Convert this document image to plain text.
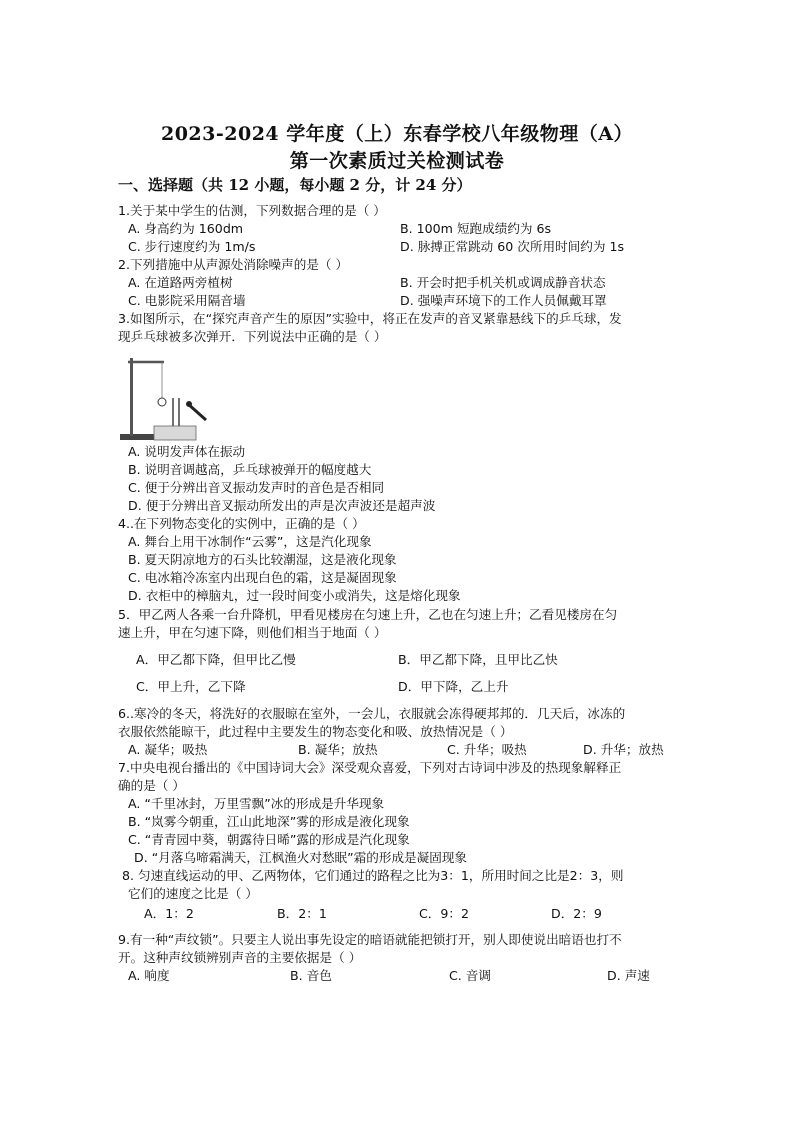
2023-2024 学年度（上）东春学校八年级物理（A）
第一次素质过关检测试卷
一、选择题（共 12 小题，每小题 2 分，计 24 分）
1.关于某中学生的估测，下列数据合理的是（ ）
A. 身高约为 160dm	B. 100m 短跑成绩约为 6s
C. 步行速度约为 1m/s	D. 脉搏正常跳动 60 次所用时间约为 1s
2.下列措施中从声源处消除噪声的是（ ）
A. 在道路两旁植树	B. 开会时把手机关机或调成静音状态
C. 电影院采用隔音墙	D. 强噪声环境下的工作人员佩戴耳罩
3.如图所示，在“探究声音产生的原因”实验中，将正在发声的音叉紧靠悬线下的乒乓球，发
现乒乓球被多次弹开．下列说法中正确的是（ ）
A. 说明发声体在振动
B. 说明音调越高，乒乓球被弹开的幅度越大
C. 便于分辨出音叉振动发声时的音色是否相同
D. 便于分辨出音叉振动所发出的声是次声波还是超声波
4..在下列物态变化的实例中，正确的是（ ）
A. 舞台上用干冰制作“云雾”，这是汽化现象
B. 夏天阴凉地方的石头比较潮湿，这是液化现象
C. 电冰箱冷冻室内出现白色的霜，这是凝固现象
D. 衣柜中的樟脑丸，过一段时间变小或消失，这是熔化现象
5．甲乙两人各乘一台升降机，甲看见楼房在匀速上升，乙也在匀速上升；乙看见楼房在匀
速上升，甲在匀速下降，则他们相当于地面（ ）
A．甲乙都下降，但甲比乙慢	B．甲乙都下降，且甲比乙快
C．甲上升，乙下降	D．甲下降，乙上升
6..寒冷的冬天，将洗好的衣服晾在室外，一会儿，衣服就会冻得硬邦邦的．几天后，冰冻的
衣服依然能晾干，此过程中主要发生的物态变化和吸、放热情况是（ ）
A. 凝华；吸热	B. 凝华；放热	C. 升华；吸热	D. 升华；放热
7.中央电视台播出的《中国诗词大会》深受观众喜爱，下列对古诗词中涉及的热现象解释正
确的是（ ）
A. “千里冰封，万里雪飘”冰的形成是升华现象
B. “岚雾今朝重，江山此地深”雾的形成是液化现象
C. “青青园中葵，朝露待日晞”露的形成是汽化现象
D. “月落乌啼霜满天，江枫渔火对愁眠”霜的形成是凝固现象
8. 匀速直线运动的甲、乙两物体，它们通过的路程之比为3：1，所用时间之比是2：3，则
它们的速度之比是（ ）
A．1：2	B．2：1	C．9：2	D．2：9
9.有一种“声纹锁”。只要主人说出事先设定的暗语就能把锁打开，别人即使说出暗语也打不
开。这种声纹锁辨别声音的主要依据是（ ）
A. 响度	B. 音色	C. 音调	D. 声速
